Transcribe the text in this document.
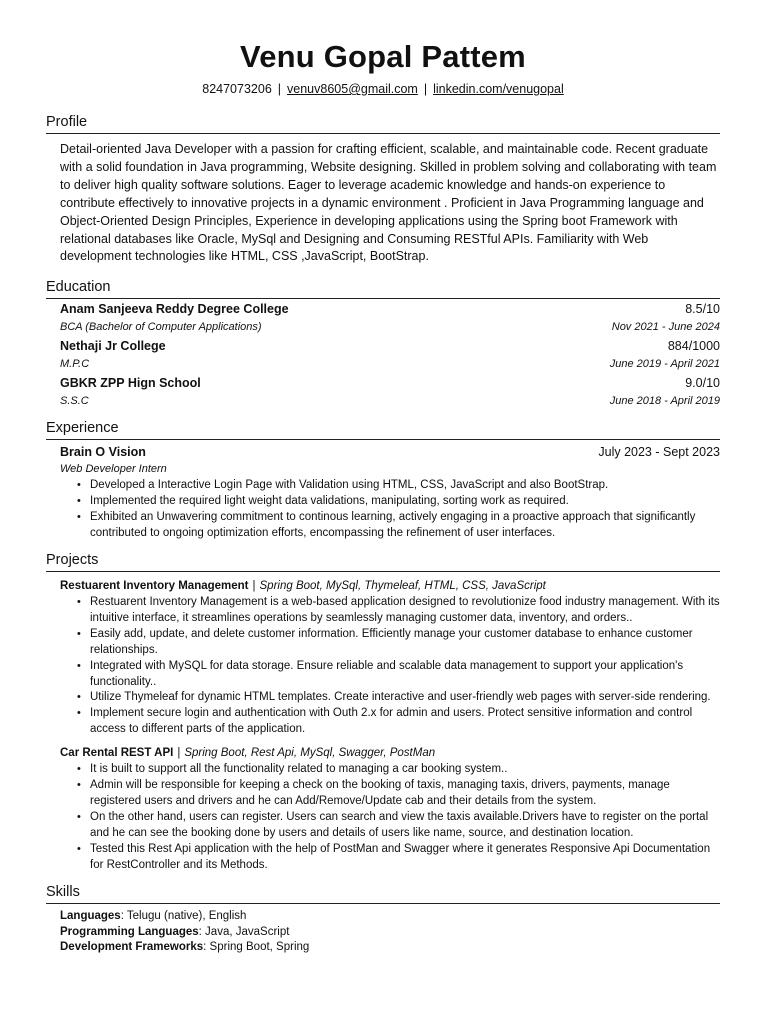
Venu Gopal Pattem
8247073206 | venuv8605@gmail.com | linkedin.com/venugopal
Profile
Detail-oriented Java Developer with a passion for crafting efficient, scalable, and maintainable code. Recent graduate with a solid foundation in Java programming, Website designing. Skilled in problem solving and collaborating with team to deliver high quality software solutions. Eager to leverage academic knowledge and hands-on experience to contribute effectively to innovative projects in a dynamic environment . Proficient in Java Programming language and Object-Oriented Design Principles, Experience in developing applications using the Spring boot Framework with relational databases like Oracle, MySql and Designing and Consuming RESTful APIs. Familiarity with Web development technologies like HTML, CSS ,JavaScript, BootStrap.
Education
Anam Sanjeeva Reddy Degree College	8.5/10
BCA (Bachelor of Computer Applications)	Nov 2021 - June 2024
Nethaji Jr College	884/1000
M.P.C	June 2019 - April 2021
GBKR ZPP Hign School	9.0/10
S.S.C	June 2018 - April 2019
Experience
Brain O Vision	July 2023 - Sept 2023
Web Developer Intern
• Developed a Interactive Login Page with Validation using HTML, CSS, JavaScript and also BootStrap.
• Implemented the required light weight data validations, manipulating, sorting work as required.
• Exhibited an Unwavering commitment to continous learning, actively engaging in a proactive approach that significantly contributed to ongoing optimization efforts, encompassing the refinement of user interfaces.
Projects
Restuarent Inventory Management | Spring Boot, MySql, Thymeleaf, HTML, CSS, JavaScript
• Restuarent Inventory Management is a web-based application designed to revolutionize food industry management. With its intuitive interface, it streamlines operations by seamlessly managing customer data, inventory, and orders..
• Easily add, update, and delete customer information. Efficiently manage your customer database to enhance customer relationships.
• Integrated with MySQL for data storage. Ensure reliable and scalable data management to support your application's functionality..
• Utilize Thymeleaf for dynamic HTML templates. Create interactive and user-friendly web pages with server-side rendering.
• Implement secure login and authentication with Outh 2.x for admin and users. Protect sensitive information and control access to different parts of the application.
Car Rental REST API | Spring Boot, Rest Api, MySql, Swagger, PostMan
• It is built to support all the functionality related to managing a car booking system..
• Admin will be responsible for keeping a check on the booking of taxis, managing taxis, drivers, payments, manage registered users and drivers and he can Add/Remove/Update cab and their details from the system.
• On the other hand, users can register. Users can search and view the taxis available.Drivers have to register on the portal and he can see the booking done by users and details of users like name, source, and destination location.
• Tested this Rest Api application with the help of PostMan and Swagger where it generates Responsive Api Documentation for RestController and its Methods.
Skills
Languages: Telugu (native), English
Programming Languages: Java, JavaScript
Development Frameworks: Spring Boot, Spring
